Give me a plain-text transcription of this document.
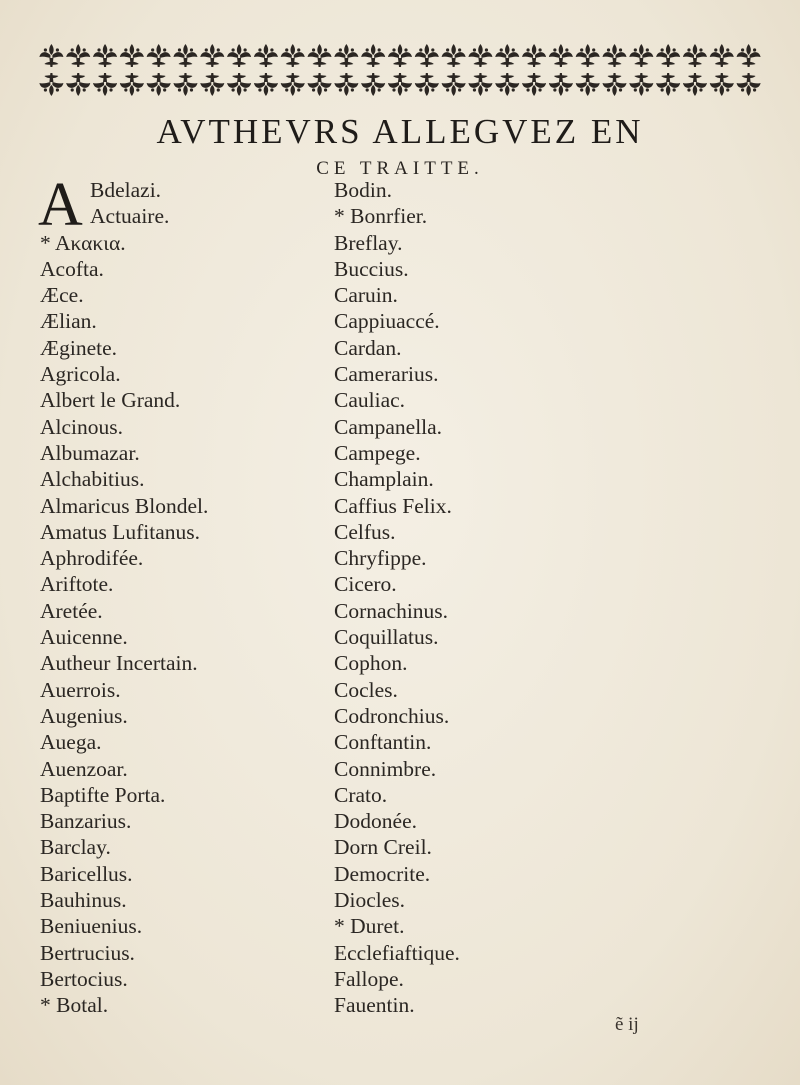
AVTHEVRS ALLEGVEZ EN
CE TRAITTE.
A Bdelazi.
Actuaire.
* Ακακια.
Acofta.
Æce.
Ælian.
Æginete.
Agricola.
Albert le Grand.
Alcinous.
Albumazar.
Alchabitius.
Almaricus Blondel.
Amatus Lufitanus.
Aphrodifée.
Ariftote.
Aretée.
Auicenne.
Autheur Incertain.
Auerrois.
Augenius.
Auega.
Auenzoar.
Baptifte Porta.
Banzarius.
Barclay.
Baricellus.
Bauhinus.
Beniuenius.
Bertrucius.
Bertocius.
* Botal.
Bodin.
* Bonrfier.
Breflay.
Buccius.
Caruin.
Cappiuaccé.
Cardan.
Camerarius.
Cauliac.
Campanella.
Campege.
Champlain.
Caffius Felix.
Celfus.
Chryfippe.
Cicero.
Cornachinus.
Coquillatus.
Cophon.
Cocles.
Codronchius.
Conftantin.
Connimbre.
Crato.
Dodonée.
Dorn Creil.
Democrite.
Diocles.
* Duret.
Ecclefiaftique.
Fallope.
Fauentin.
ẽ ij
